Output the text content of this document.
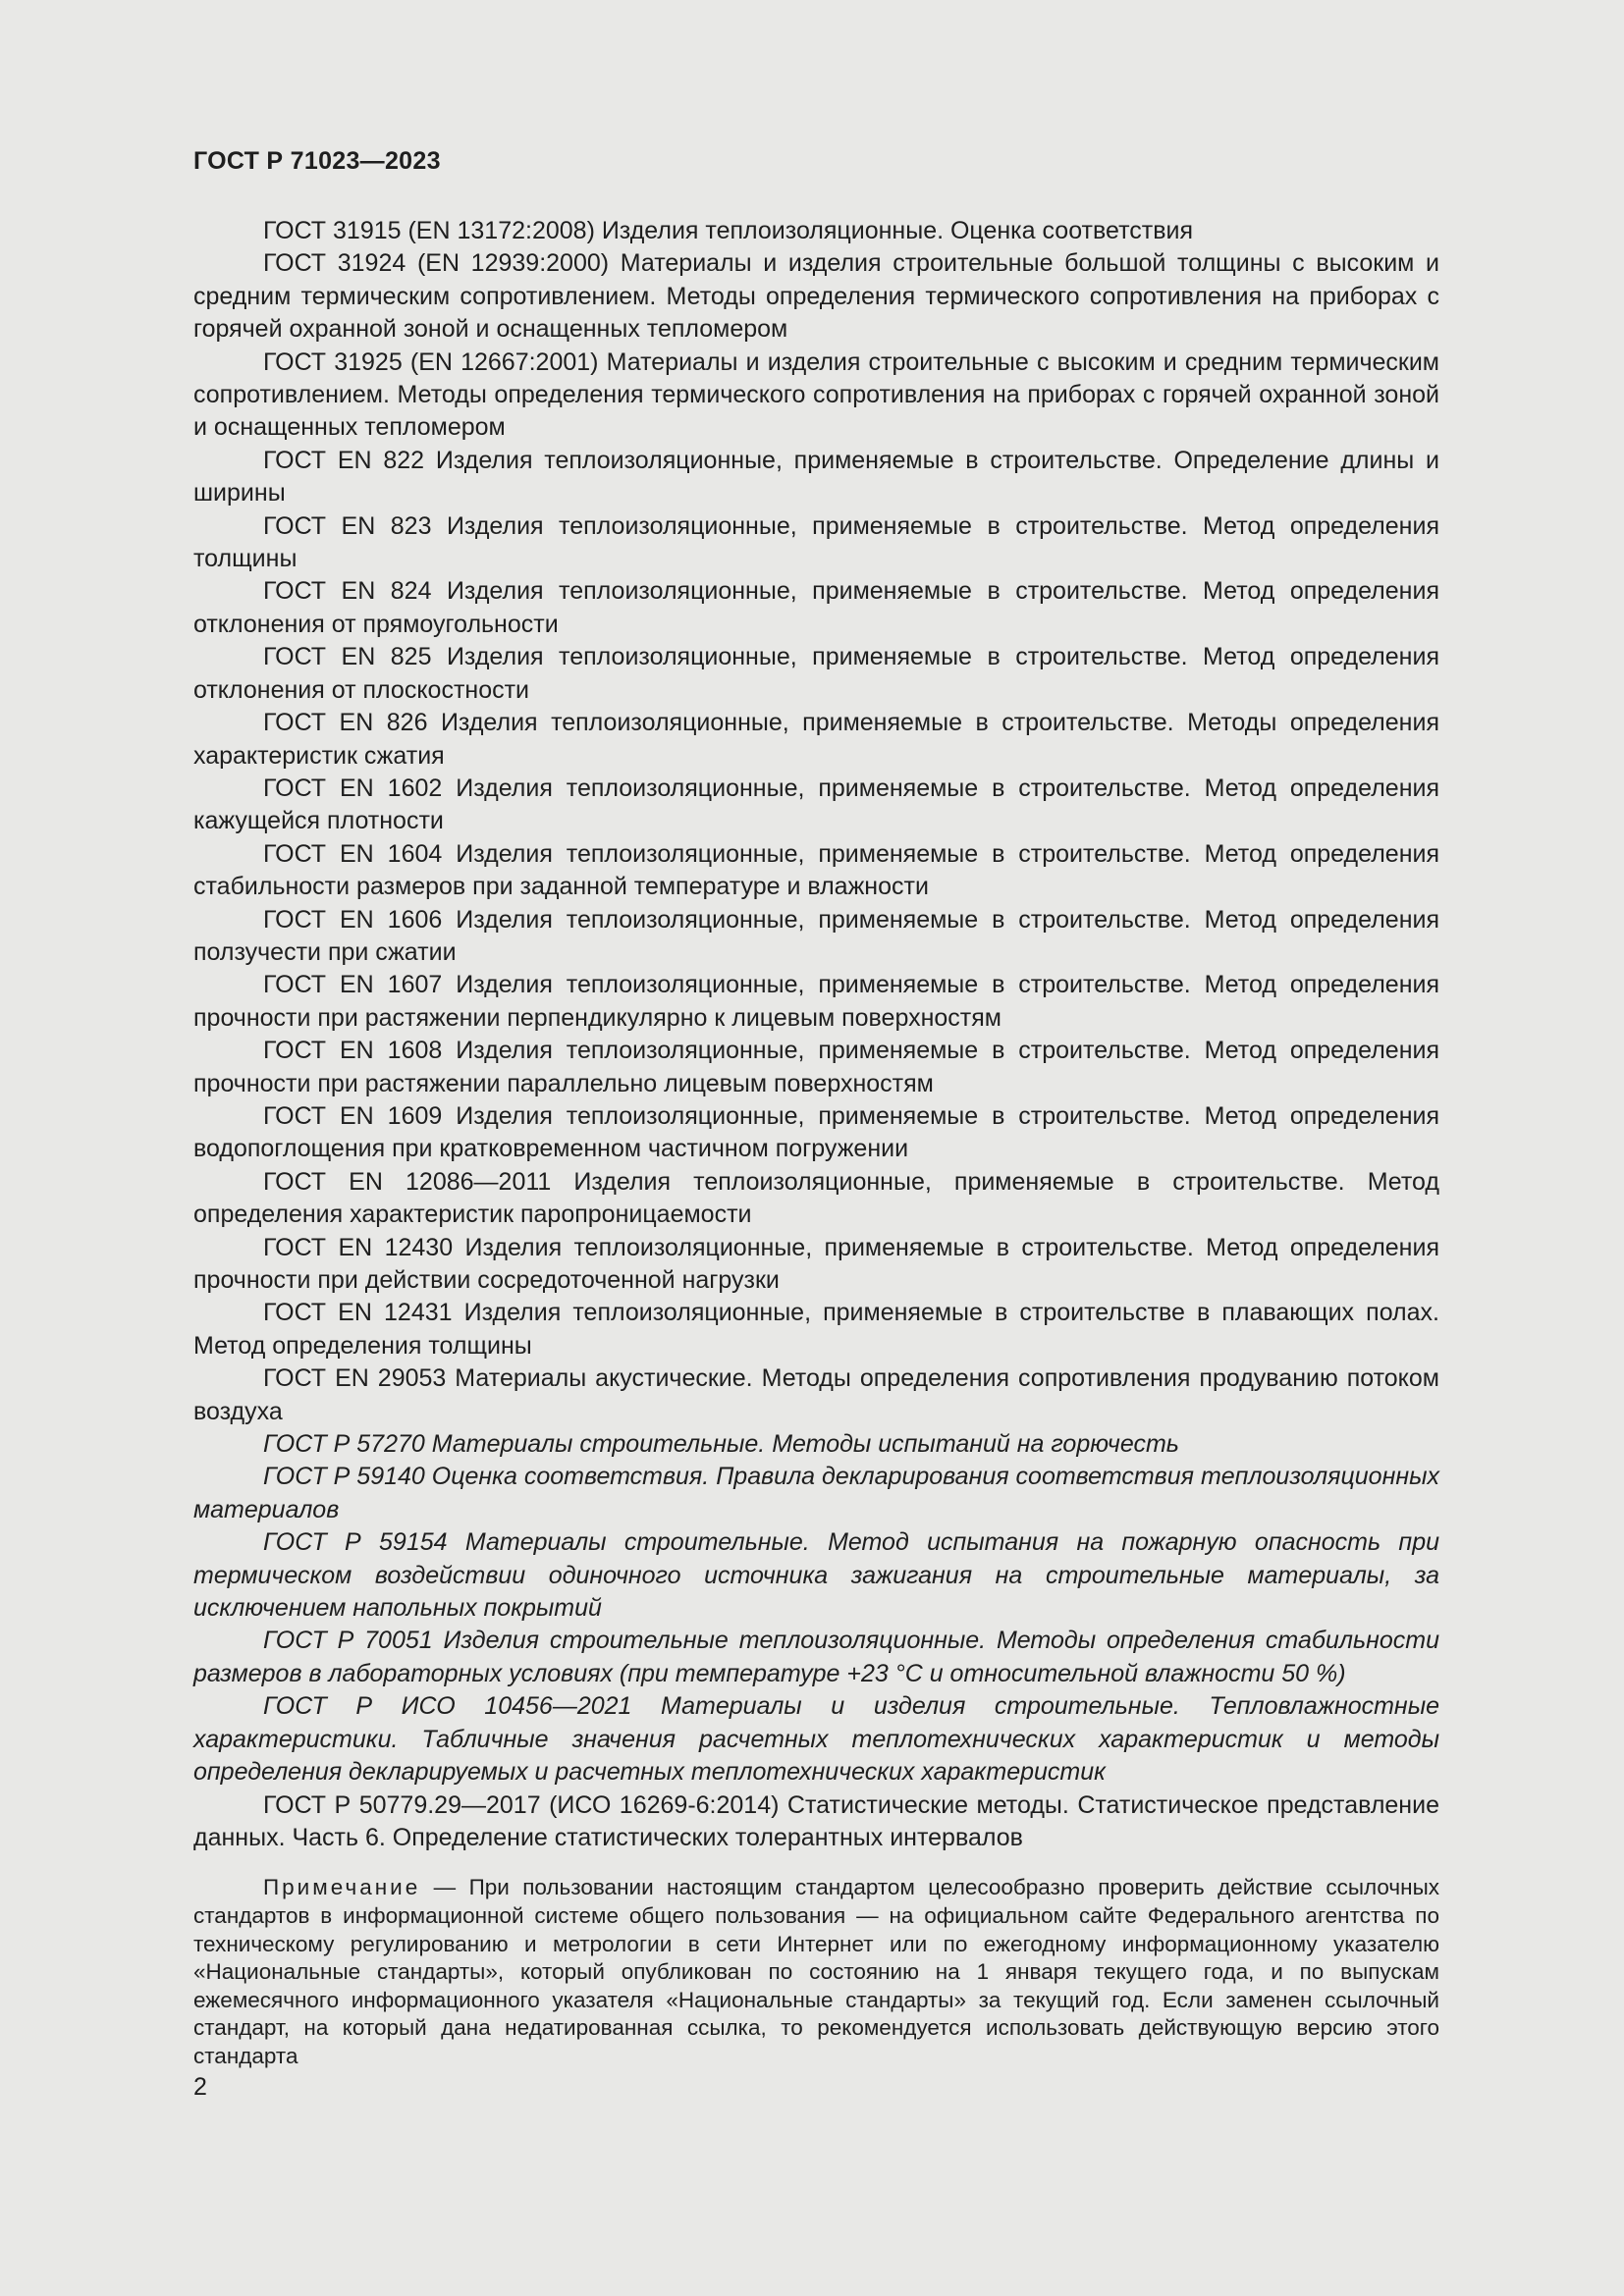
ГОСТ Р 71023—2023

ГОСТ 31915 (EN 13172:2008) Изделия теплоизоляционные. Оценка соответствия

ГОСТ 31924 (EN 12939:2000) Материалы и изделия строительные большой толщины с высоким и средним термическим сопротивлением. Методы определения термического сопротивления на приборах с горячей охранной зоной и оснащенных тепломером

ГОСТ 31925 (EN 12667:2001) Материалы и изделия строительные с высоким и средним термическим сопротивлением. Методы определения термического сопротивления на приборах с горячей охранной зоной и оснащенных тепломером

ГОСТ EN 822 Изделия теплоизоляционные, применяемые в строительстве. Определение длины и ширины

ГОСТ EN 823 Изделия теплоизоляционные, применяемые в строительстве. Метод определения толщины

ГОСТ EN 824 Изделия теплоизоляционные, применяемые в строительстве. Метод определения отклонения от прямоугольности

ГОСТ EN 825 Изделия теплоизоляционные, применяемые в строительстве. Метод определения отклонения от плоскостности

ГОСТ EN 826 Изделия теплоизоляционные, применяемые в строительстве. Методы определения характеристик сжатия

ГОСТ EN 1602 Изделия теплоизоляционные, применяемые в строительстве. Метод определения кажущейся плотности

ГОСТ EN 1604 Изделия теплоизоляционные, применяемые в строительстве. Метод определения стабильности размеров при заданной температуре и влажности

ГОСТ EN 1606 Изделия теплоизоляционные, применяемые в строительстве. Метод определения ползучести при сжатии

ГОСТ EN 1607 Изделия теплоизоляционные, применяемые в строительстве. Метод определения прочности при растяжении перпендикулярно к лицевым поверхностям

ГОСТ EN 1608 Изделия теплоизоляционные, применяемые в строительстве. Метод определения прочности при растяжении параллельно лицевым поверхностям

ГОСТ EN 1609 Изделия теплоизоляционные, применяемые в строительстве. Метод определения водопоглощения при кратковременном частичном погружении

ГОСТ EN 12086—2011 Изделия теплоизоляционные, применяемые в строительстве. Метод определения характеристик паропроницаемости

ГОСТ EN 12430 Изделия теплоизоляционные, применяемые в строительстве. Метод определения прочности при действии сосредоточенной нагрузки

ГОСТ EN 12431 Изделия теплоизоляционные, применяемые в строительстве в плавающих полах. Метод определения толщины

ГОСТ EN 29053 Материалы акустические. Методы определения сопротивления продуванию потоком воздуха

ГОСТ Р 57270 Материалы строительные. Методы испытаний на горючесть

ГОСТ Р 59140 Оценка соответствия. Правила декларирования соответствия теплоизоляционных материалов

ГОСТ Р 59154 Материалы строительные. Метод испытания на пожарную опасность при термическом воздействии одиночного источника зажигания на строительные материалы, за исключением напольных покрытий

ГОСТ Р 70051 Изделия строительные теплоизоляционные. Методы определения стабильности размеров в лабораторных условиях (при температуре +23 °С и относительной влажности 50 %)

ГОСТ Р ИСО 10456—2021 Материалы и изделия строительные. Тепловлажностные характеристики. Табличные значения расчетных теплотехнических характеристик и методы определения декларируемых и расчетных теплотехнических характеристик

ГОСТ Р 50779.29—2017 (ИСО 16269-6:2014) Статистические методы. Статистическое представление данных. Часть 6. Определение статистических толерантных интервалов

Примечание — При пользовании настоящим стандартом целесообразно проверить действие ссылочных стандартов в информационной системе общего пользования — на официальном сайте Федерального агентства по техническому регулированию и метрологии в сети Интернет или по ежегодному информационному указателю «Национальные стандарты», который опубликован по состоянию на 1 января текущего года, и по выпускам ежемесячного информационного указателя «Национальные стандарты» за текущий год. Если заменен ссылочный стандарт, на который дана недатированная ссылка, то рекомендуется использовать действующую версию этого стандарта

2
